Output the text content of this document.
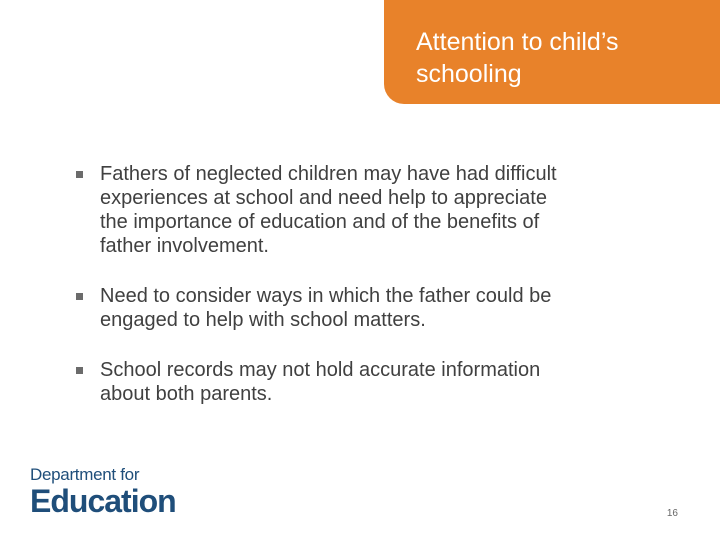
Attention to child’s
schooling
Fathers of neglected children may have had difficult
experiences at school and need help to appreciate
the importance of education and of the benefits of
father involvement.
Need to consider ways in which the father could be
engaged to help with school matters.
School records may not hold accurate information
about both parents.
Department for
Education	16
